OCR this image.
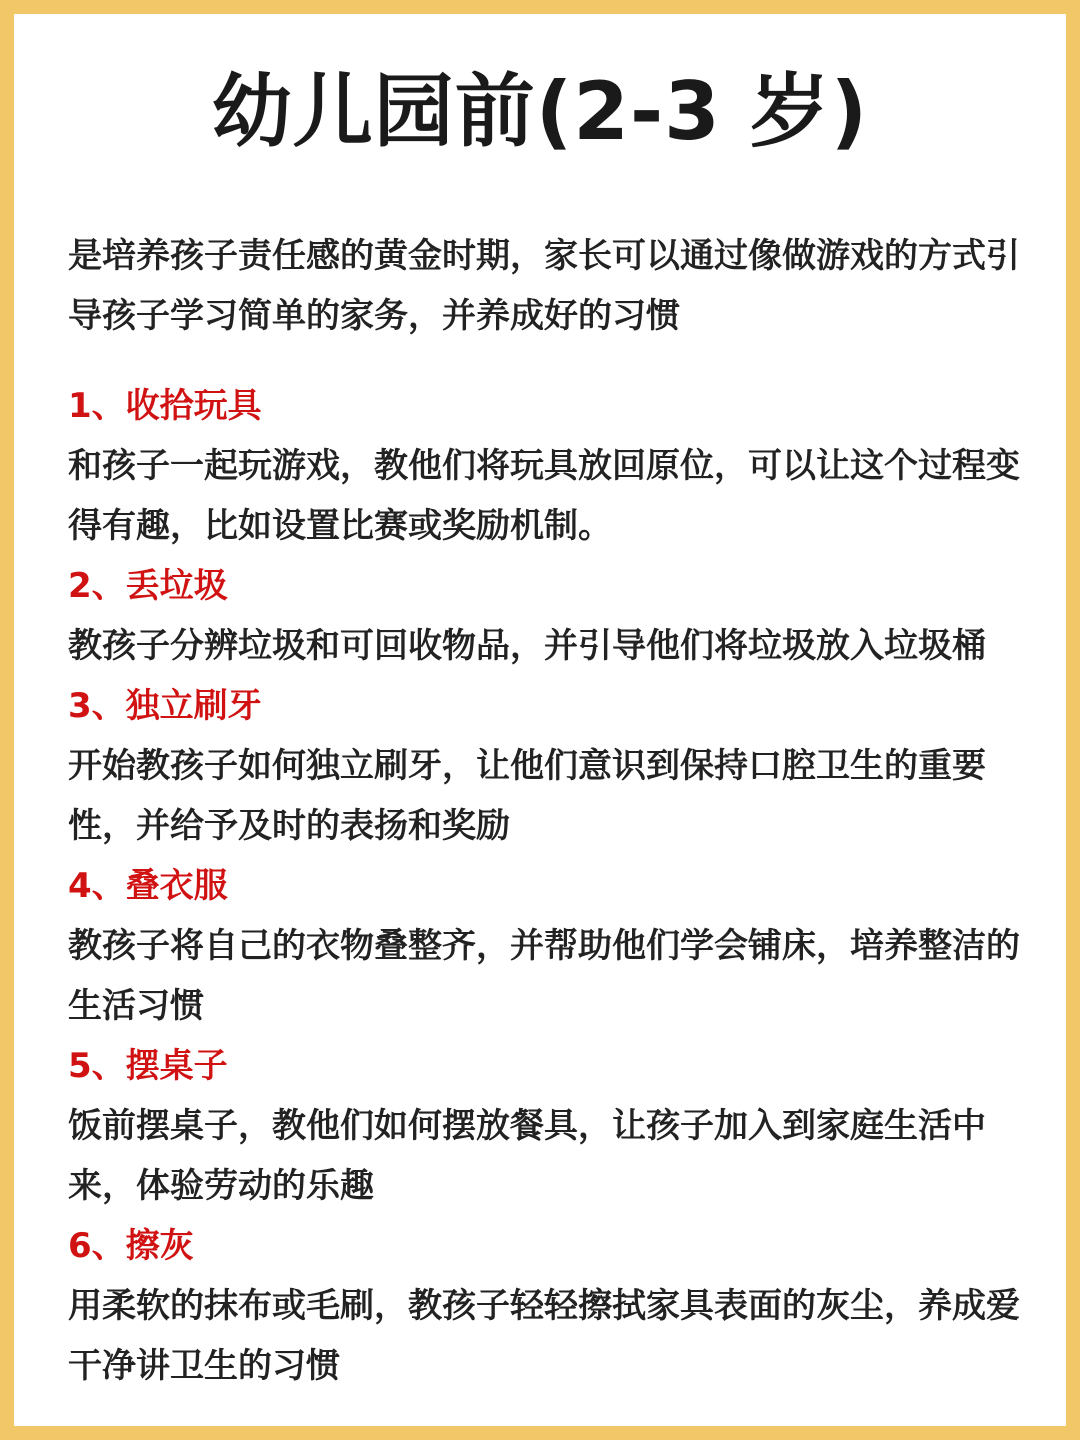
幼儿园前(2-3 岁)

是培养孩子责任感的黄金时期，家长可以通过像做游戏的方式引导孩子学习简单的家务，并养成好的习惯

1、收拾玩具
和孩子一起玩游戏，教他们将玩具放回原位，可以让这个过程变得有趣，比如设置比赛或奖励机制。
2、丢垃圾
教孩子分辨垃圾和可回收物品，并引导他们将垃圾放入垃圾桶
3、独立刷牙
开始教孩子如何独立刷牙，让他们意识到保持口腔卫生的重要性，并给予及时的表扬和奖励
4、叠衣服
教孩子将自己的衣物叠整齐，并帮助他们学会铺床，培养整洁的生活习惯
5、摆桌子
饭前摆桌子，教他们如何摆放餐具，让孩子加入到家庭生活中来，体验劳动的乐趣
6、擦灰
用柔软的抹布或毛刷，教孩子轻轻擦拭家具表面的灰尘，养成爱干净讲卫生的习惯
